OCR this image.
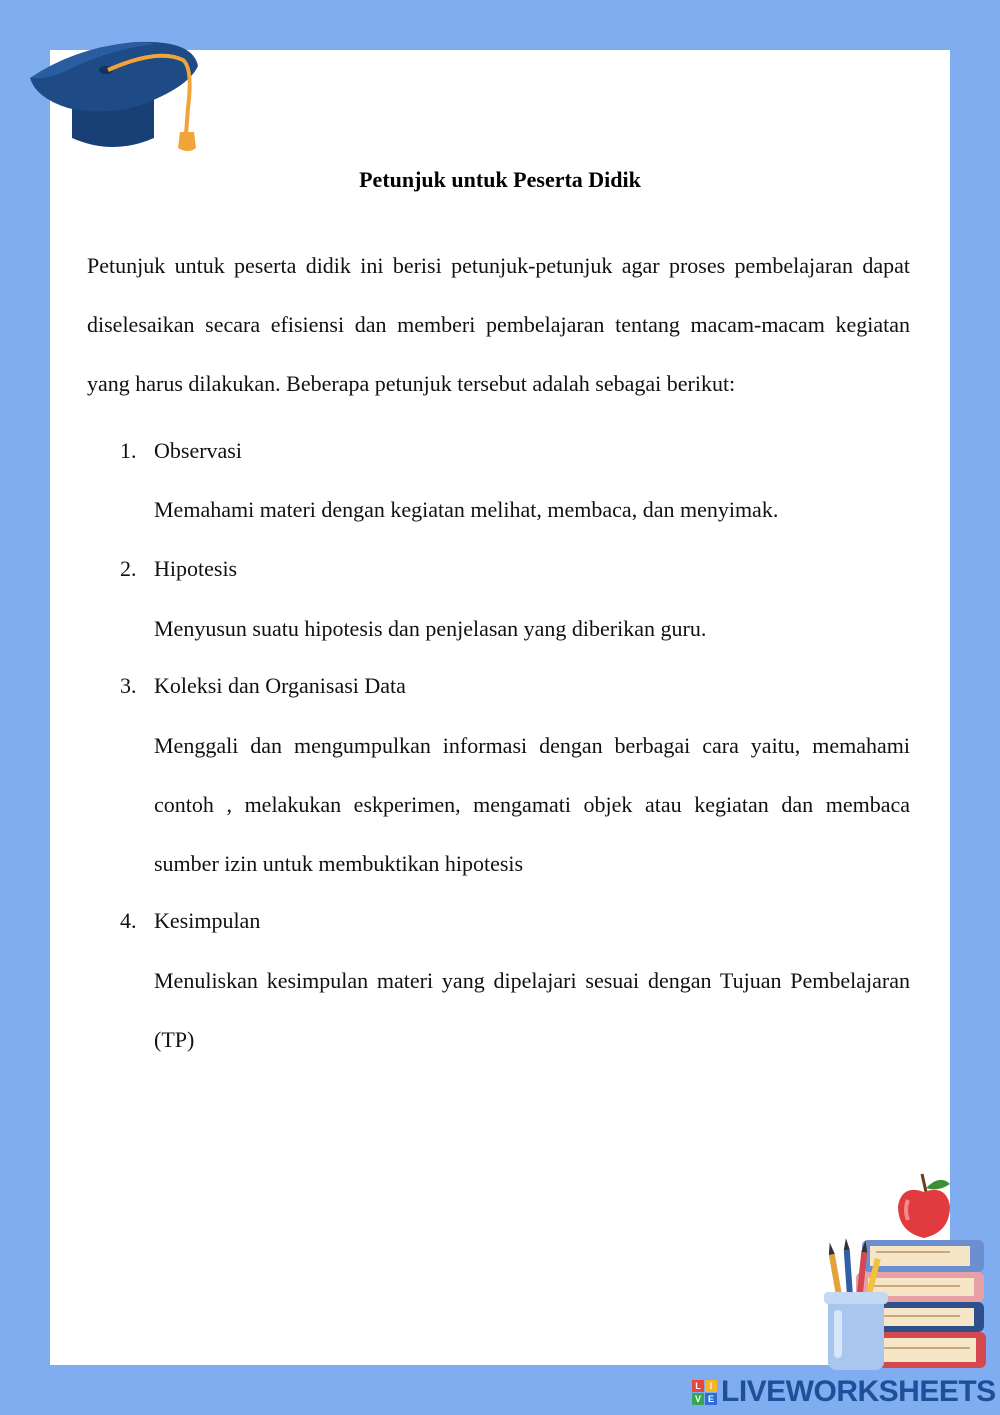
Petunjuk untuk Peserta Didik

Petunjuk untuk peserta didik ini berisi petunjuk-petunjuk agar proses pembelajaran dapat diselesaikan secara efisiensi dan memberi pembelajaran tentang macam-macam kegiatan yang harus dilakukan. Beberapa petunjuk tersebut adalah sebagai berikut:

1. Observasi

Memahami materi dengan kegiatan melihat, membaca, dan menyimak.

2. Hipotesis

Menyusun suatu hipotesis dan penjelasan yang diberikan guru.

3. Koleksi dan Organisasi Data

Menggali dan mengumpulkan informasi dengan berbagai cara yaitu, memahami contoh , melakukan eskperimen, mengamati objek atau kegiatan dan membaca sumber izin untuk membuktikan hipotesis

4. Kesimpulan

Menuliskan kesimpulan materi yang dipelajari sesuai dengan Tujuan Pembelajaran (TP)

L I
V E LIVEWORKSHEETS
